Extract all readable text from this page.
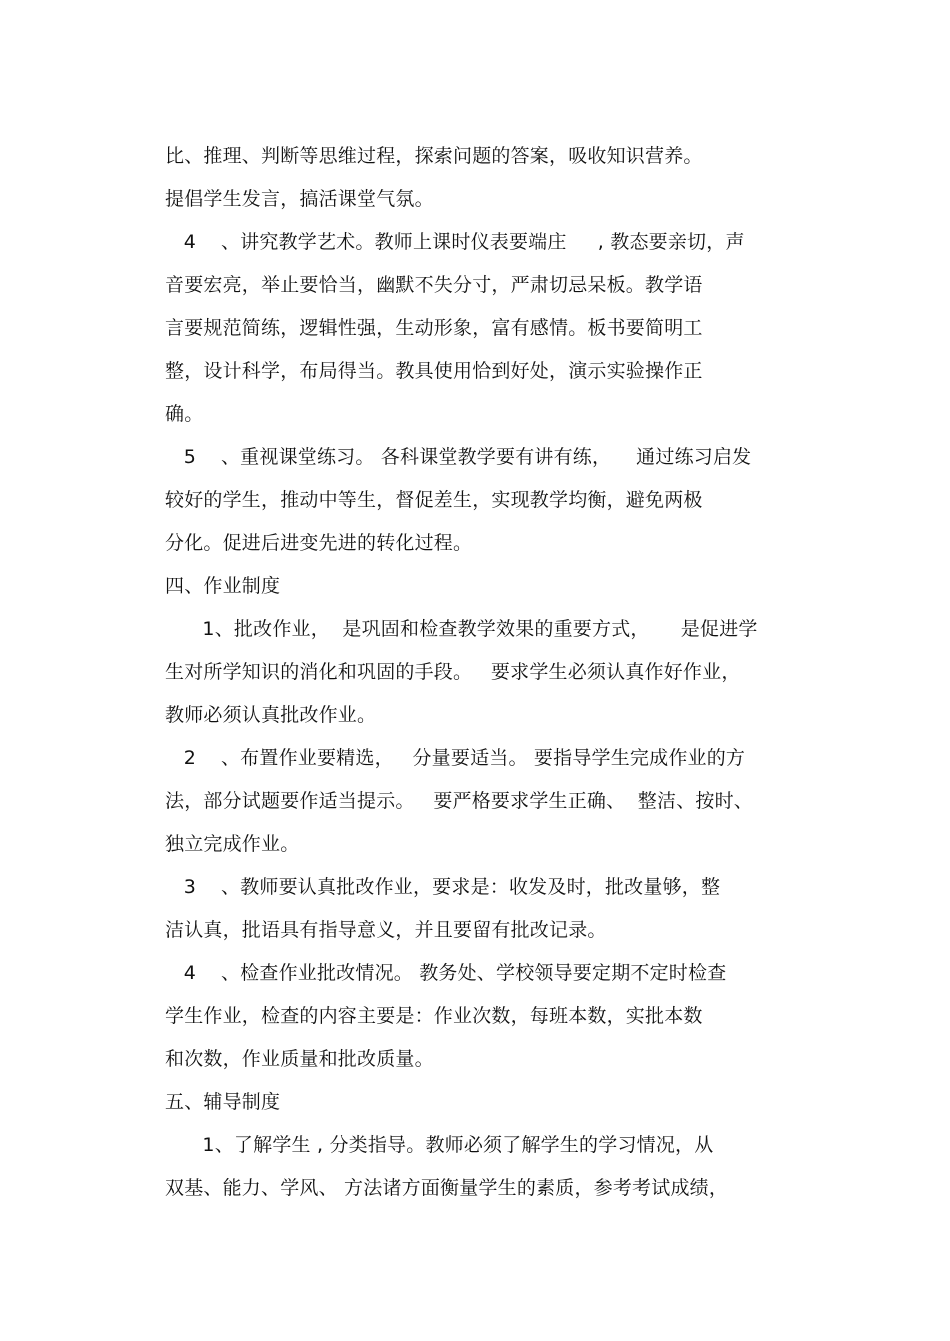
比、推理、判断等思维过程，探索问题的答案，吸收知识营养。
提倡学生发言，搞活课堂气氛。
4    、讲究教学艺术。教师上课时仪表要端庄     , 教态要亲切，声
音要宏亮，举止要恰当，幽默不失分寸，严肃切忌呆板。教学语
言要规范简练，逻辑性强，生动形象，富有感情。板书要简明工
整，设计科学，布局得当。教具使用恰到好处，演示实验操作正
确。
5    、重视课堂练习。 各科课堂教学要有讲有练，    通过练习启发
较好的学生，推动中等生，督促差生，实现教学均衡，避免两极
分化。促进后进变先进的转化过程。
四、作业制度
1、批改作业，  是巩固和检查教学效果的重要方式，     是促进学
生对所学知识的消化和巩固的手段。   要求学生必须认真作好作业，
教师必须认真批改作业。
2    、布置作业要精选，   分量要适当。 要指导学生完成作业的方
法，部分试题要作适当提示。   要严格要求学生正确、  整洁、按时、
独立完成作业。
3    、教师要认真批改作业，要求是：收发及时，批改量够，整
洁认真，批语具有指导意义，并且要留有批改记录。
4    、检查作业批改情况。 教务处、学校领导要定期不定时检查
学生作业，检查的内容主要是：作业次数，每班本数，实批本数
和次数，作业质量和批改质量。
五、辅导制度
1、了解学生 , 分类指导。教师必须了解学生的学习情况，从
双基、能力、学风、 方法诸方面衡量学生的素质，参考考试成绩，
